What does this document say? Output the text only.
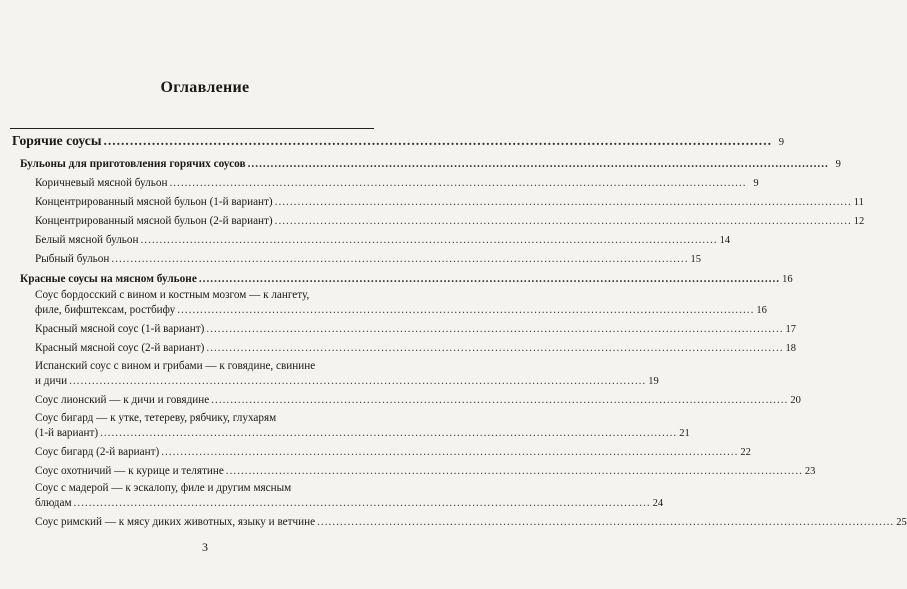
Оглавление
Горячие соусы .....	9
Бульоны для приготовления горячих соусов .....	9
Коричневый мясной бульон .....	9
Концентрированный мясной бульон (1-й вариант) .....	11
Концентрированный мясной бульон (2-й вариант) .....	12
Белый мясной бульон .....	14
Рыбный бульон .....	15
Красные соусы на мясном бульоне .....	16
Соус бордосский с вином и костным мозгом — к лангету,
филе, бифштексам, ростбифу .....	16
Красный мясной соус (1-й вариант) .....	17
Красный мясной соус (2-й вариант) .....	18
Испанский соус с вином и грибами — к говядине, свинине
и дичи .....	19
Соус лионский — к дичи и говядине .....	20
Соус бигард — к утке, тетереву, рябчику, глухарям
(1-й вариант) .....	21
Соус бигард (2-й вариант) .....	22
Соус охотничий — к курице и телятине .....	23
Соус с мадерой — к эскалопу, филе и другим мясным
блюдам .....	24
Соус римский — к мясу диких животных, языку и ветчине .....	25
3
